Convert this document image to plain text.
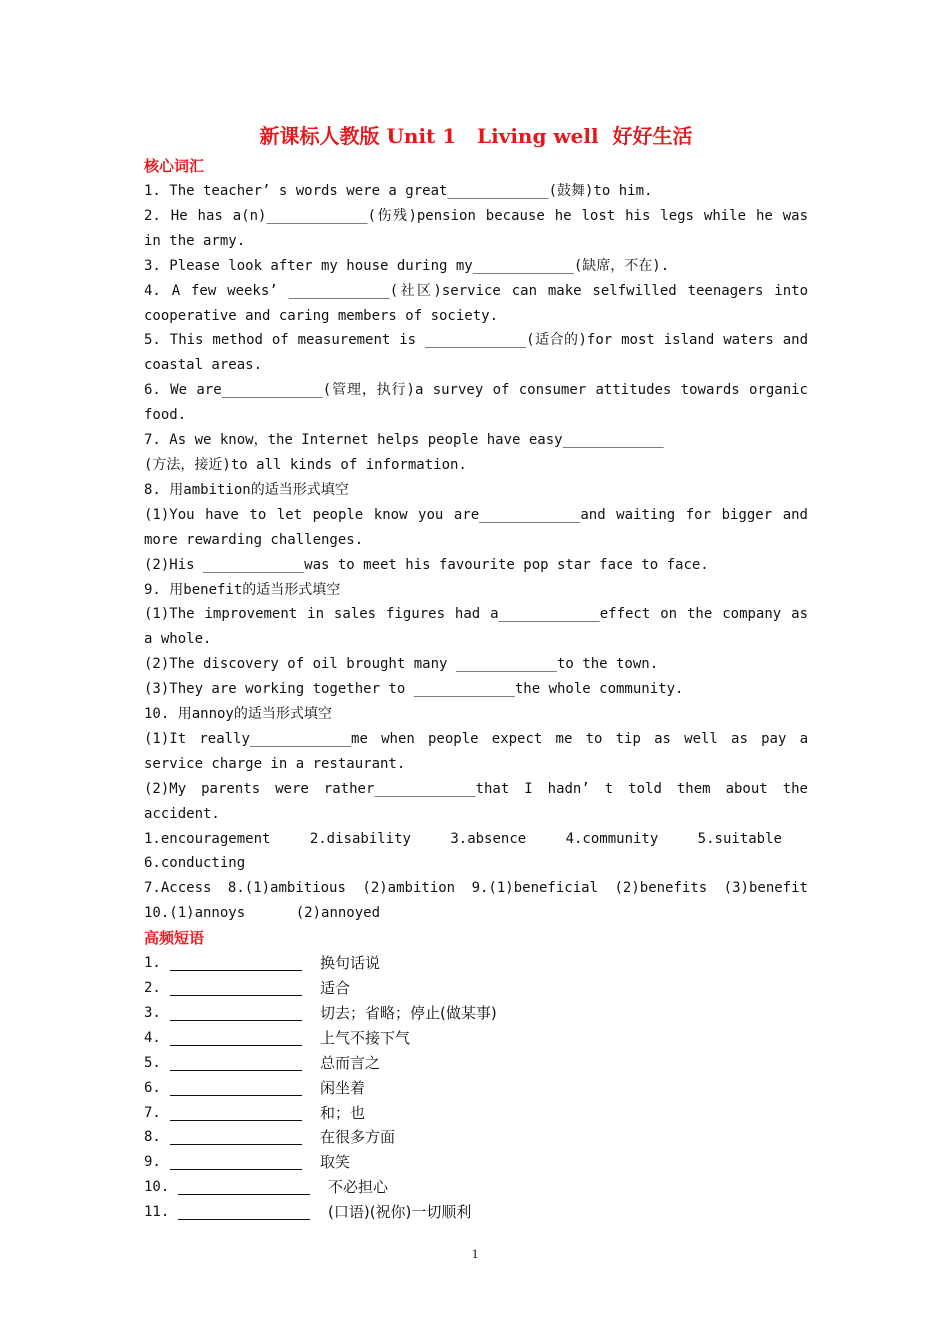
新课标人教版 Unit 1   Living well  好好生活
核心词汇
1. The teacher’ s words were a great____________(鼓舞)to him.
2. He has a(n)____________(伤残)pension because he lost his legs while he was in the army.
3. Please look after my house during my____________(缺席，不在).
4. A few weeks’ ____________(社区)service can make selfwilled teenagers into cooperative and caring members of society.
5. This method of measurement is ____________(适合的)for most island waters and coastal areas.
6. We are____________(管理，执行)a survey of consumer attitudes towards organic food.
7. As we know，the Internet helps people have easy____________
(方法，接近)to all kinds of information.
8. 用ambition的适当形式填空
(1)You have to let people know you are____________and waiting for bigger and more rewarding challenges.
(2)His ____________was to meet his favourite pop star face to face.
9. 用benefit的适当形式填空
(1)The improvement in sales figures had a____________effect on the company as a whole.
(2)The discovery of oil brought many ____________to the town.
(3)They are working together to ____________the whole community.
10. 用annoy的适当形式填空
(1)It really____________me when people expect me to tip as well as pay a service charge in a restaurant.
(2)My parents were rather____________that I hadn’ t told them about the accident.
1.encouragement	2.disability	3.absence	4.community	5.suitable
6.conducting
7.Access 8.(1)ambitious (2)ambition 9.(1)beneficial (2)benefits (3)benefit
10.(1)annoys	(2)annoyed
高频短语
1.	换句话说
2.	适合
3.	切去；省略；停止(做某事)
4.	上气不接下气
5.	总而言之
6.	闲坐着
7.	和；也
8.	在很多方面
9.	取笑
10.	不必担心
11.	(口语)(祝你)一切顺利
1
